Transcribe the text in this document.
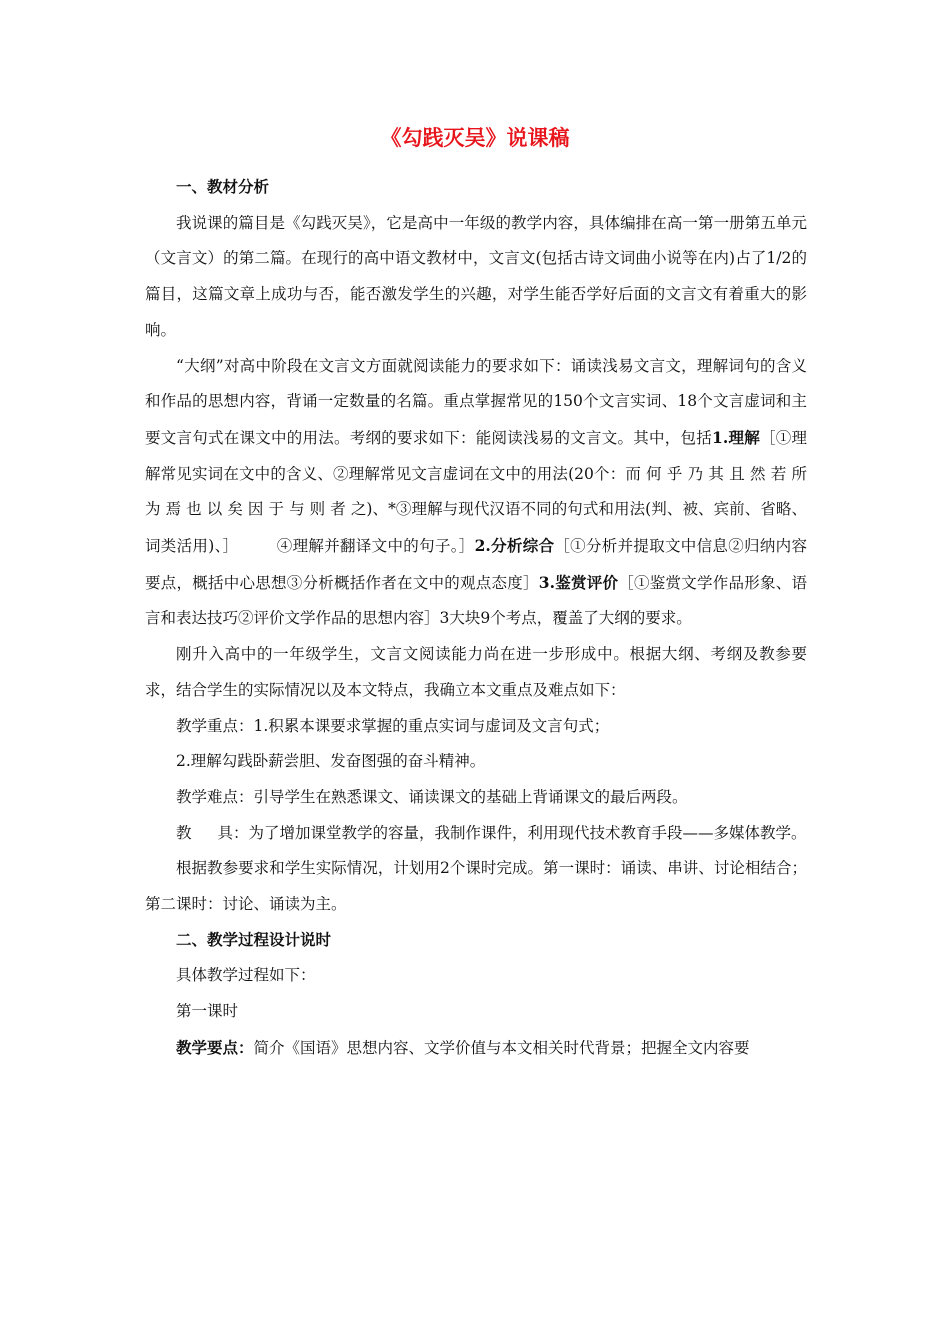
《勾践灭吴》说课稿

一、教材分析

我说课的篇目是《勾践灭吴》，它是高中一年级的教学内容，具体编排在高一第一册第五单元（文言文）的第二篇。在现行的高中语文教材中，文言文(包括古诗文词曲小说等在内)占了1/2的篇目，这篇文章上成功与否，能否激发学生的兴趣，对学生能否学好后面的文言文有着重大的影响。

“大纲”对高中阶段在文言文方面就阅读能力的要求如下：诵读浅易文言文，理解词句的含义和作品的思想内容，背诵一定数量的名篇。重点掌握常见的150个文言实词、18个文言虚词和主要文言句式在课文中的用法。考纲的要求如下：能阅读浅易的文言文。其中，包括1.理解［①理解常见实词在文中的含义、②理解常见文言虚词在文中的用法(20个：而 何 乎 乃 其 且 然 若 所 为 焉 也 以 矣 因 于 与 则 者 之)、*③理解与现代汉语不同的句式和用法(判、被、宾前、省略、词类活用)、］ ④理解并翻译文中的句子。］2.分析综合［①分析并提取文中信息②归纳内容要点，概括中心思想③分析概括作者在文中的观点态度］3.鉴赏评价［①鉴赏文学作品形象、语言和表达技巧②评价文学作品的思想内容］3大块9个考点，覆盖了大纲的要求。

刚升入高中的一年级学生，文言文阅读能力尚在进一步形成中。根据大纲、考纲及教参要求，结合学生的实际情况以及本文特点，我确立本文重点及难点如下：

教学重点：1.积累本课要求掌握的重点实词与虚词及文言句式；

2.理解勾践卧薪尝胆、发奋图强的奋斗精神。

教学难点：引导学生在熟悉课文、诵读课文的基础上背诵课文的最后两段。

教 具：为了增加课堂教学的容量，我制作课件，利用现代技术教育手段——多媒体教学。

根据教参要求和学生实际情况，计划用2个课时完成。第一课时：诵读、串讲、讨论相结合；第二课时：讨论、诵读为主。

二、教学过程设计说时

具体教学过程如下：

第一课时

教学要点：简介《国语》思想内容、文学价值与本文相关时代背景；把握全文内容要
